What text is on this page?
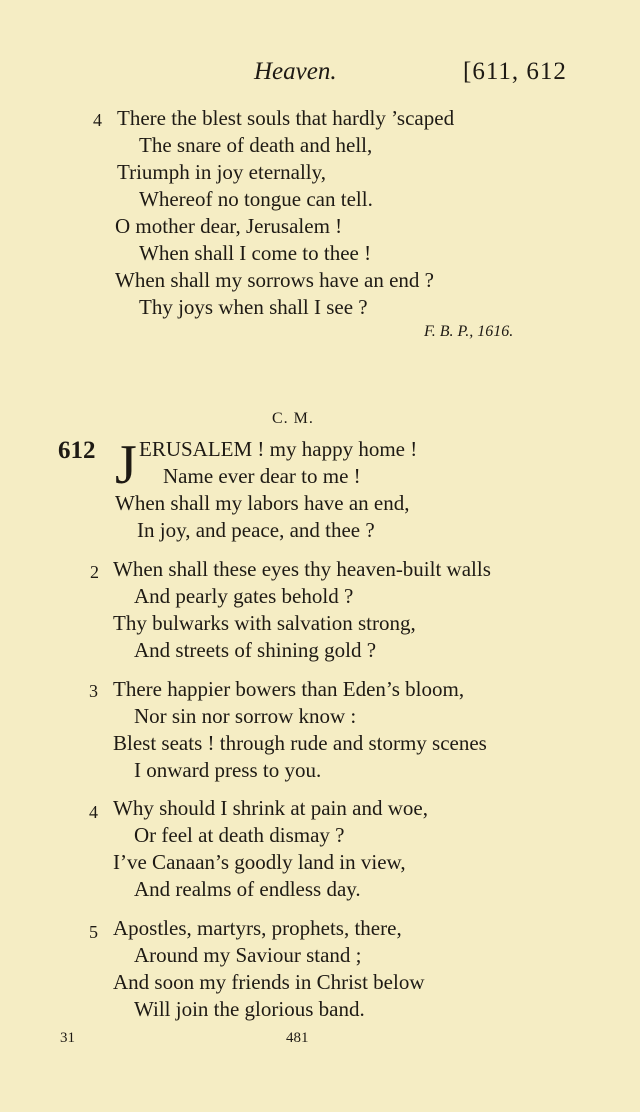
Heaven.	[611, 612
4 There the blest souls that hardly ’scaped
The snare of death and hell,
Triumph in joy eternally,
Whereof no tongue can tell.
O mother dear, Jerusalem !
When shall I come to thee !
When shall my sorrows have an end ?
Thy joys when shall I see ?
F. B. P., 1616.
C. M.
612 J ERUSALEM ! my happy home !
Name ever dear to me !
When shall my labors have an end,
In joy, and peace, and thee ?
2 When shall these eyes thy heaven-built walls
And pearly gates behold ?
Thy bulwarks with salvation strong,
And streets of shining gold ?
3 There happier bowers than Eden’s bloom,
Nor sin nor sorrow know :
Blest seats ! through rude and stormy scenes
I onward press to you.
4 Why should I shrink at pain and woe,
Or feel at death dismay ?
I’ve Canaan’s goodly land in view,
And realms of endless day.
5 Apostles, martyrs, prophets, there,
Around my Saviour stand ;
And soon my friends in Christ below
Will join the glorious band.
31	481
